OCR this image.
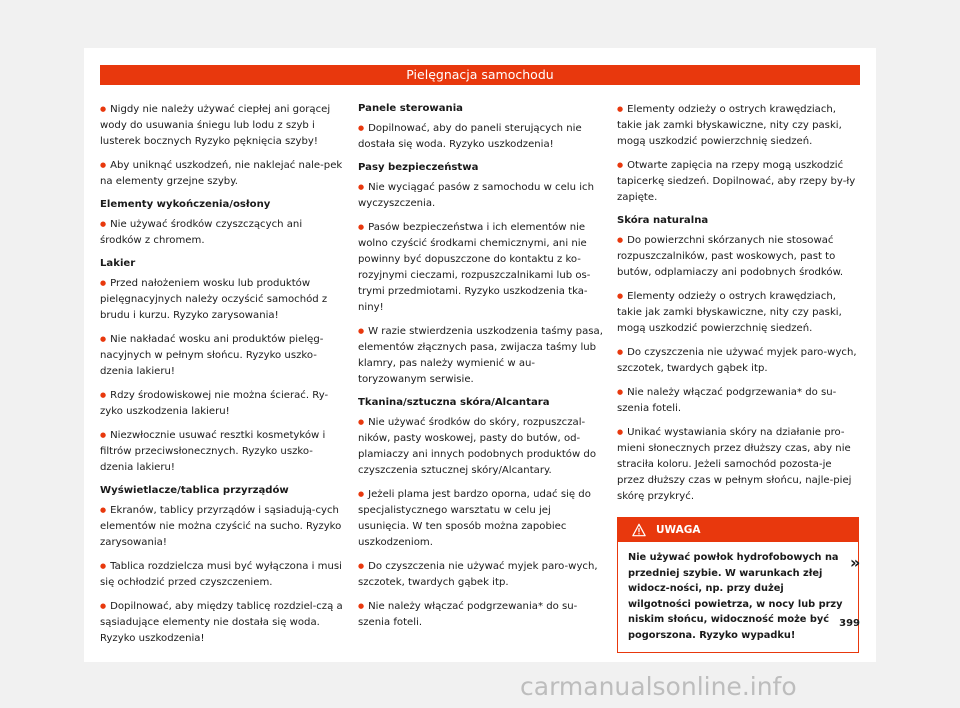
Pielęgnacja samochodu

● Nigdy nie należy używać ciepłej ani gorącej wody do usuwania śniegu lub lodu z szyb i lusterek bocznych Ryzyko pęknięcia szyby!

● Aby uniknąć uszkodzeń, nie naklejać nale-pek na elementy grzejne szyby.

Elementy wykończenia/osłony

● Nie używać środków czyszczących ani środków z chromem.

Lakier

● Przed nałożeniem wosku lub produktów pielęgnacyjnych należy oczyścić samochód z brudu i kurzu. Ryzyko zarysowania!

● Nie nakładać wosku ani produktów pielęg-nacyjnych w pełnym słońcu. Ryzyko uszko-dzenia lakieru!

● Rdzy środowiskowej nie można ścierać. Ry-zyko uszkodzenia lakieru!

● Niezwłocznie usuwać resztki kosmetyków i filtrów przeciwsłonecznych. Ryzyko uszko-dzenia lakieru!

Wyświetlacze/tablica przyrządów

● Ekranów, tablicy przyrządów i sąsiadują-cych elementów nie można czyścić na sucho. Ryzyko zarysowania!

● Tablica rozdzielcza musi być wyłączona i musi się ochłodzić przed czyszczeniem.

● Dopilnować, aby między tablicę rozdziel-czą a sąsiadujące elementy nie dostała się woda. Ryzyko uszkodzenia!

Panele sterowania

● Dopilnować, aby do paneli sterujących nie dostała się woda. Ryzyko uszkodzenia!

Pasy bezpieczeństwa

● Nie wyciągać pasów z samochodu w celu ich wyczyszczenia.

● Pasów bezpieczeństwa i ich elementów nie wolno czyścić środkami chemicznymi, ani nie powinny być dopuszczone do kontaktu z ko-rozyjnymi cieczami, rozpuszczalnikami lub os-trymi przedmiotami. Ryzyko uszkodzenia tka-niny!

● W razie stwierdzenia uszkodzenia taśmy pasa, elementów złącznych pasa, zwijacza taśmy lub klamry, pas należy wymienić w au-toryzowanym serwisie.

Tkanina/sztuczna skóra/Alcantara

● Nie używać środków do skóry, rozpuszczal-ników, pasty woskowej, pasty do butów, od-plamiaczy ani innych podobnych produktów do czyszczenia sztucznej skóry/Alcantary.

● Jeżeli plama jest bardzo oporna, udać się do specjalistycznego warsztatu w celu jej usunięcia. W ten sposób można zapobiec uszkodzeniom.

● Do czyszczenia nie używać myjek paro-wych, szczotek, twardych gąbek itp.

● Nie należy włączać podgrzewania* do su-szenia foteli.

● Elementy odzieży o ostrych krawędziach, takie jak zamki błyskawiczne, nity czy paski, mogą uszkodzić powierzchnię siedzeń.

● Otwarte zapięcia na rzepy mogą uszkodzić tapicerkę siedzeń. Dopilnować, aby rzepy by-ły zapięte.

Skóra naturalna

● Do powierzchni skórzanych nie stosować rozpuszczalników, past woskowych, past to butów, odplamiaczy ani podobnych środków.

● Elementy odzieży o ostrych krawędziach, takie jak zamki błyskawiczne, nity czy paski, mogą uszkodzić powierzchnię siedzeń.

● Do czyszczenia nie używać myjek paro-wych, szczotek, twardych gąbek itp.

● Nie należy włączać podgrzewania* do su-szenia foteli.

● Unikać wystawiania skóry na działanie pro-mieni słonecznych przez dłuższy czas, aby nie straciła koloru. Jeżeli samochód pozosta-je przez dłuższy czas w pełnym słońcu, najle-piej skórę przykryć.

UWAGA
Nie używać powłok hydrofobowych na przedniej szybie. W warunkach złej widocz-ności, np. przy dużej wilgotności powietrza, w nocy lub przy niskim słońcu, widoczność może być pogorszona. Ryzyko wypadku!
»
399
carmanualsonline.info
